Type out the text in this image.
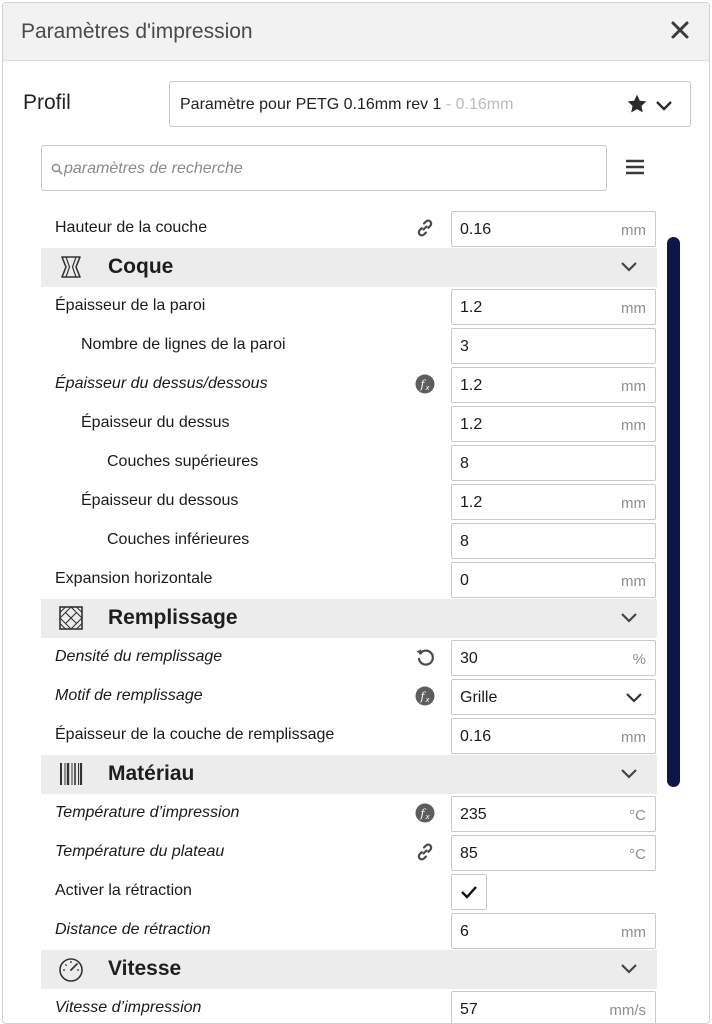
Paramètres d'impression
Profil	Paramètre pour PETG 0.16mm rev 1 - 0.16mm
paramètres de recherche
Hauteur de la couche	0.16	mm
Coque
Épaisseur de la paroi	1.2	mm
Nombre de lignes de la paroi	3
Épaisseur du dessus/dessous	f x 1.2	mm
Épaisseur du dessus	1.2	mm
Couches supérieures	8
Épaisseur du dessous	1.2	mm
Couches inférieures	8
Expansion horizontale	0	mm
Remplissage
Densité du remplissage	30	%
Motif de remplissage	f x Grille
Épaisseur de la couche de remplissage	0.16	mm
Matériau
Température d’impression	f x 235	°C
Température du plateau	85	°C
Activer la rétraction
Distance de rétraction	6	mm
Vitesse
Vitesse d’impression	57	mm/s
